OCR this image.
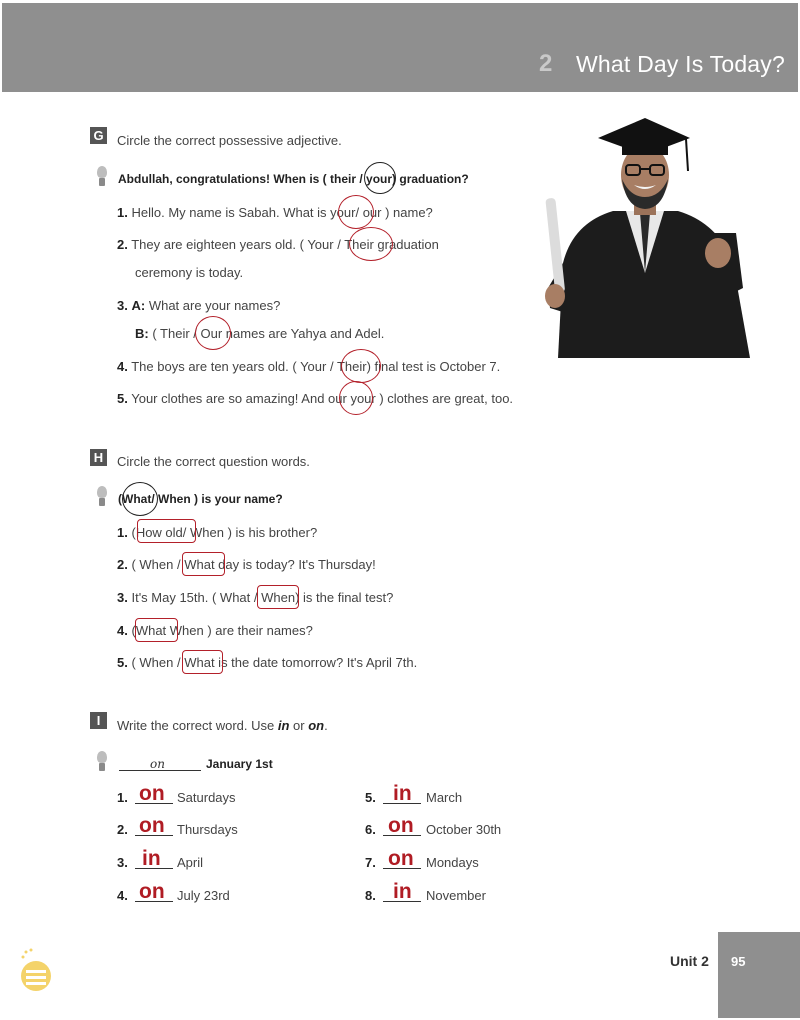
2 What Day Is Today?
G Circle the correct possessive adjective.
Abdullah, congratulations! When is ( their / your) graduation?
1. Hello. My name is Sabah. What is your/ our ) name?
2. They are eighteen years old. ( Your / Their graduation
ceremony is today.
3. A: What are your names?
B: ( Their / Our names are Yahya and Adel.
4. The boys are ten years old. ( Your / Their) final test is October 7.
5. Your clothes are so amazing! And our your ) clothes are great, too.
H Circle the correct question words.
(What/ When ) is your name?
1. (How old/ When ) is his brother?
2. ( When / What day is today? It's Thursday!
3. It's May 15th. ( What / When) is the final test?
4. (What When ) are their names?
5. ( When / What is the date tomorrow? It's April 7th.
I	Write the correct word. Use in or on.
on	January 1st
1. on Saturdays
2. on Thursdays
3. in April
4. on July 23rd
5. in March
6. on October 30th
7. on Mondays
8. in November
Unit 2 95
